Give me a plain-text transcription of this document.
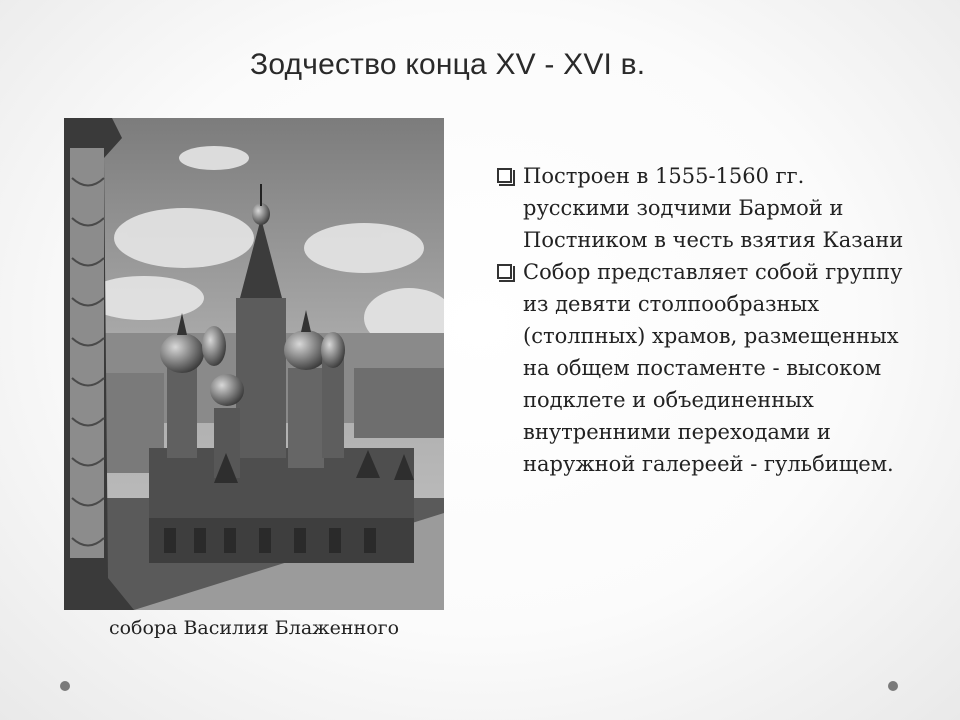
Зодчество конца XV - XVI в.
собора Василия Блаженного
Построен в 1555-1560 гг. русскими зодчими Бармой и Постником в честь взятия Казани
Собор представляет собой группу из девяти столпообразных (столпных) храмов, размещенных на общем постаменте - высоком подклете и объединенных внутренними переходами и наружной галереей - гульбищем.
